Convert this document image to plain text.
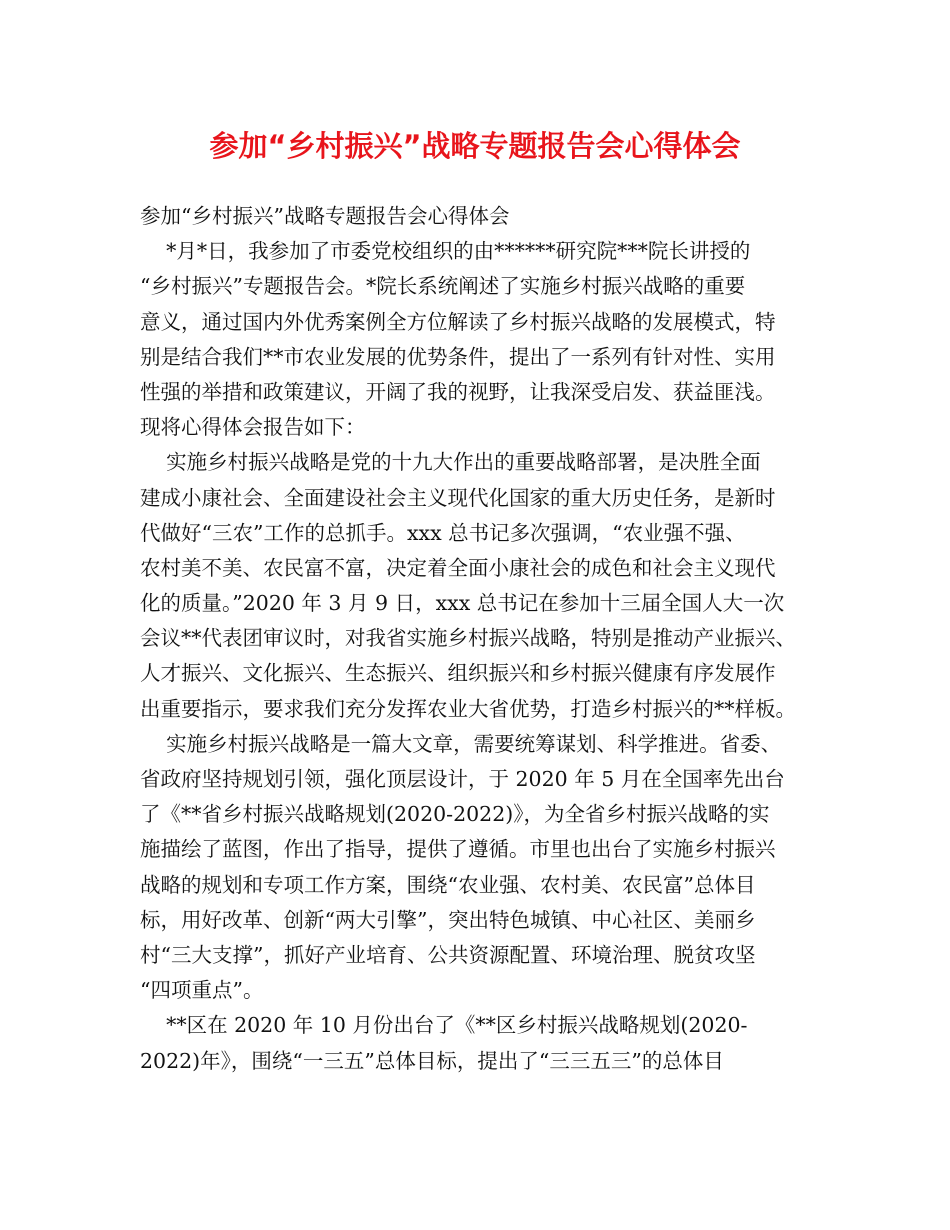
参加“乡村振兴”战略专题报告会心得体会
参加“乡村振兴”战略专题报告会心得体会
*月*日，我参加了市委党校组织的由******研究院***院长讲授的
“乡村振兴”专题报告会。*院长系统阐述了实施乡村振兴战略的重要
意义，通过国内外优秀案例全方位解读了乡村振兴战略的发展模式，特
别是结合我们**市农业发展的优势条件，提出了一系列有针对性、实用
性强的举措和政策建议，开阔了我的视野，让我深受启发、获益匪浅。
现将心得体会报告如下：
实施乡村振兴战略是党的十九大作出的重要战略部署，是决胜全面
建成小康社会、全面建设社会主义现代化国家的重大历史任务，是新时
代做好“三农”工作的总抓手。xxx 总书记多次强调，“农业强不强、
农村美不美、农民富不富，决定着全面小康社会的成色和社会主义现代
化的质量。”2020 年 3 月 9 日，xxx 总书记在参加十三届全国人大一次
会议**代表团审议时，对我省实施乡村振兴战略，特别是推动产业振兴、
人才振兴、文化振兴、生态振兴、组织振兴和乡村振兴健康有序发展作
出重要指示，要求我们充分发挥农业大省优势，打造乡村振兴的**样板。
实施乡村振兴战略是一篇大文章，需要统筹谋划、科学推进。省委、
省政府坚持规划引领，强化顶层设计，于 2020 年 5 月在全国率先出台
了《**省乡村振兴战略规划(2020-2022)》，为全省乡村振兴战略的实
施描绘了蓝图，作出了指导，提供了遵循。市里也出台了实施乡村振兴
战略的规划和专项工作方案，围绕“农业强、农村美、农民富”总体目
标，用好改革、创新“两大引擎”，突出特色城镇、中心社区、美丽乡
村“三大支撑”，抓好产业培育、公共资源配置、环境治理、脱贫攻坚
“四项重点”。
**区在 2020 年 10 月份出台了《**区乡村振兴战略规划(2020-
2022)年》，围绕“一三五”总体目标，提出了“三三五三”的总体目
